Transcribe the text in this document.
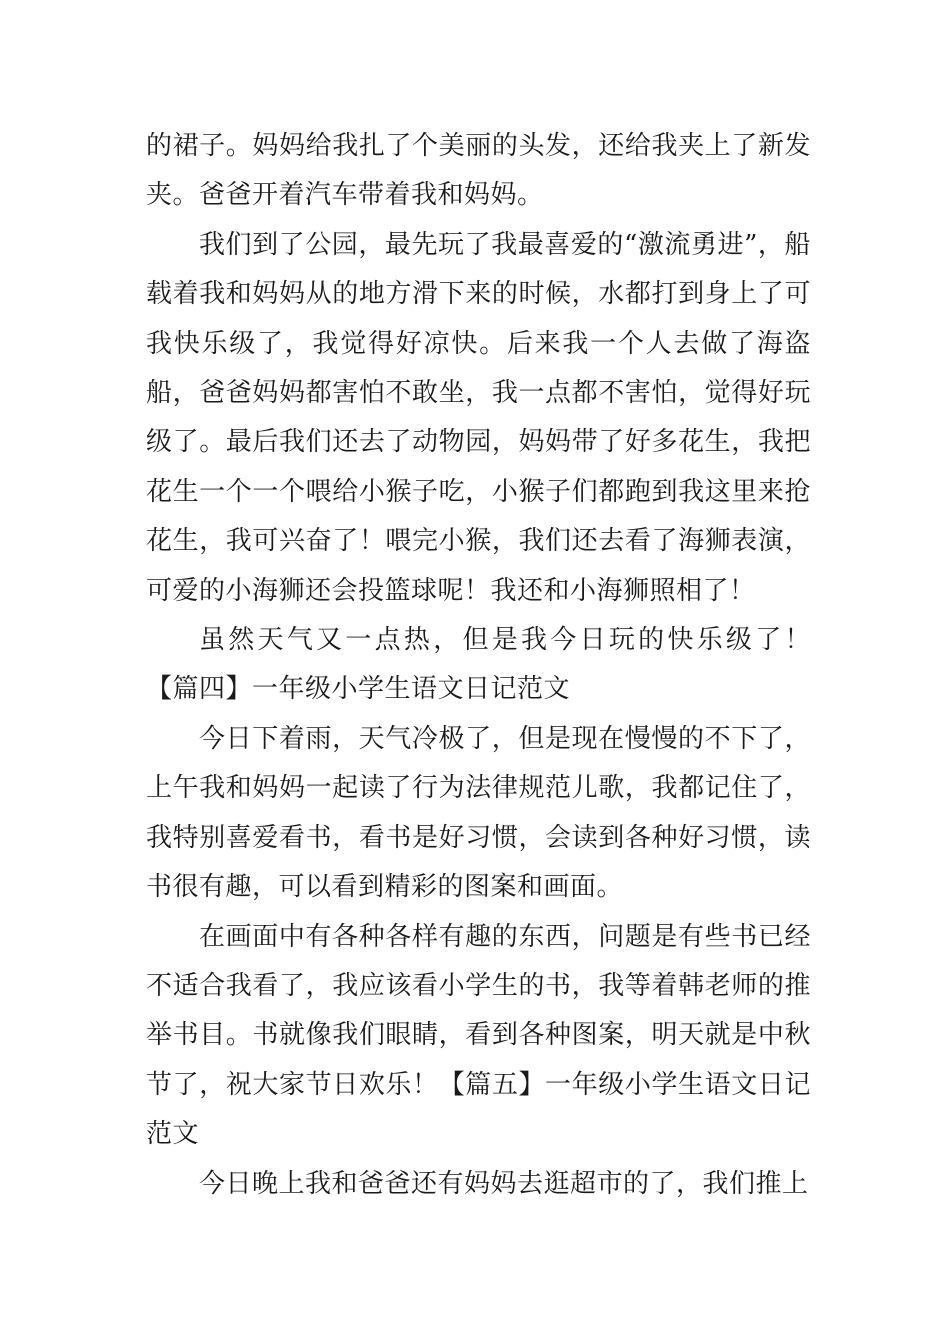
的裙子。妈妈给我扎了个美丽的头发，还给我夹上了新发夹。爸爸开着汽车带着我和妈妈。

我们到了公园，最先玩了我最喜爱的“激流勇进”，船载着我和妈妈从的地方滑下来的时候，水都打到身上了可我快乐级了，我觉得好凉快。后来我一个人去做了海盗船，爸爸妈妈都害怕不敢坐，我一点都不害怕，觉得好玩级了。最后我们还去了动物园，妈妈带了好多花生，我把花生一个一个喂给小猴子吃，小猴子们都跑到我这里来抢花生，我可兴奋了！喂完小猴，我们还去看了海狮表演，可爱的小海狮还会投篮球呢！我还和小海狮照相了！

虽然天气又一点热，但是我今日玩的快乐级了！　【篇四】一年级小学生语文日记范文

今日下着雨，天气冷极了，但是现在慢慢的不下了，上午我和妈妈一起读了行为法律规范儿歌，我都记住了，我特别喜爱看书，看书是好习惯，会读到各种好习惯，读书很有趣，可以看到精彩的图案和画面。

在画面中有各种各样有趣的东西，问题是有些书已经不适合我看了，我应该看小学生的书，我等着韩老师的推举书目。书就像我们眼睛，看到各种图案，明天就是中秋节了，祝大家节日欢乐！【篇五】一年级小学生语文日记范文

今日晚上我和爸爸还有妈妈去逛超市的了，我们推上
